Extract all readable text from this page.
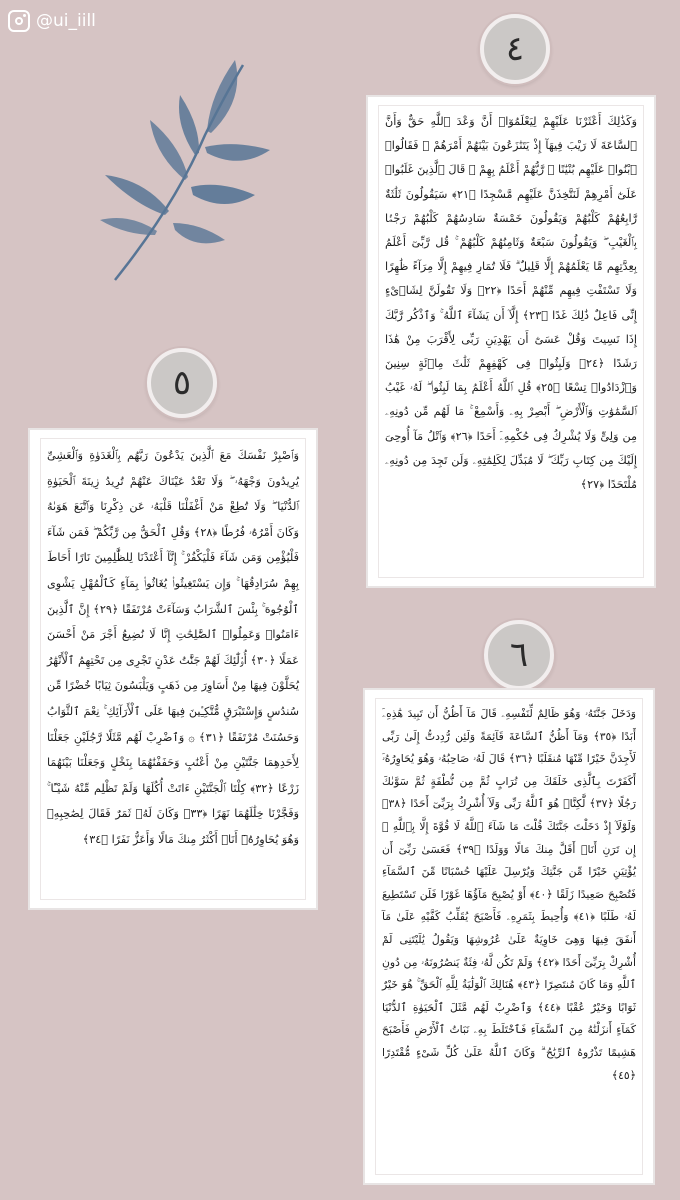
@ui_iill
٤
٥
٦

وَكَذَٰلِكَ أَعْثَرْنَا عَلَيْهِمْ لِيَعْلَمُوٓا۟ أَنَّ وَعْدَ ٱللَّهِ حَقٌّ وَأَنَّ ٱلسَّاعَةَ لَا رَيْبَ فِيهَآ إِذْ يَتَنَٰزَعُونَ بَيْنَهُمْ أَمْرَهُمْ ۖ فَقَالُوا۟ ٱبْنُوا۟ عَلَيْهِم بُنْيَٰنًا ۖ رَّبُّهُمْ أَعْلَمُ بِهِمْ ۚ قَالَ ٱلَّذِينَ غَلَبُوا۟ عَلَىٰٓ أَمْرِهِمْ لَنَتَّخِذَنَّ عَلَيْهِم مَّسْجِدًا ﴿٢١﴾ سَيَقُولُونَ ثَلَٰثَةٌ رَّابِعُهُمْ كَلْبُهُمْ وَيَقُولُونَ خَمْسَةٌ سَادِسُهُمْ كَلْبُهُمْ رَجْمًۢا بِٱلْغَيْبِ ۖ وَيَقُولُونَ سَبْعَةٌ وَثَامِنُهُمْ كَلْبُهُمْ ۚ قُل رَّبِّىٓ أَعْلَمُ بِعِدَّتِهِم مَّا يَعْلَمُهُمْ إِلَّا قَلِيلٌ ۗ فَلَا تُمَارِ فِيهِمْ إِلَّا مِرَآءً ظَٰهِرًا وَلَا تَسْتَفْتِ فِيهِم مِّنْهُمْ أَحَدًا ﴿٢٢﴾ وَلَا تَقُولَنَّ لِشَا۟ىْءٍ إِنِّى فَاعِلٌ ذَٰلِكَ غَدًا ﴿٢٣﴾ إِلَّآ أَن يَشَآءَ ٱللَّهُ ۚ وَٱذْكُر رَّبَّكَ إِذَا نَسِيتَ وَقُلْ عَسَىٰٓ أَن يَهْدِيَنِ رَبِّى لِأَقْرَبَ مِنْ هَٰذَا رَشَدًا ﴿٢٤﴾ وَلَبِثُوا۟ فِى كَهْفِهِمْ ثَلَٰثَ مِا۟ئَةٍ سِنِينَ وَٱزْدَادُوا۟ تِسْعًا ﴿٢٥﴾ قُلِ ٱللَّهُ أَعْلَمُ بِمَا لَبِثُوا۟ ۖ لَهُۥ غَيْبُ ٱلسَّمَٰوَٰتِ وَٱلْأَرْضِ ۖ أَبْصِرْ بِهِۦ وَأَسْمِعْ ۚ مَا لَهُم مِّن دُونِهِۦ مِن وَلِىٍّ وَلَا يُشْرِكُ فِى حُكْمِهِۦٓ أَحَدًا ﴿٢٦﴾ وَٱتْلُ مَآ أُوحِىَ إِلَيْكَ مِن كِتَابِ رَبِّكَ ۖ لَا مُبَدِّلَ لِكَلِمَٰتِهِۦ وَلَن تَجِدَ مِن دُونِهِۦ مُلْتَحَدًا ﴿٢٧﴾

وَٱصْبِرْ نَفْسَكَ مَعَ ٱلَّذِينَ يَدْعُونَ رَبَّهُم بِٱلْغَدَوٰةِ وَٱلْعَشِىِّ يُرِيدُونَ وَجْهَهُۥ ۖ وَلَا تَعْدُ عَيْنَاكَ عَنْهُمْ تُرِيدُ زِينَةَ ٱلْحَيَوٰةِ ٱلدُّنْيَا ۖ وَلَا تُطِعْ مَنْ أَغْفَلْنَا قَلْبَهُۥ عَن ذِكْرِنَا وَٱتَّبَعَ هَوَىٰهُ وَكَانَ أَمْرُهُۥ فُرُطًا ﴿٢٨﴾ وَقُلِ ٱلْحَقُّ مِن رَّبِّكُمْ ۖ فَمَن شَآءَ فَلْيُؤْمِن وَمَن شَآءَ فَلْيَكْفُرْ ۚ إِنَّآ أَعْتَدْنَا لِلظَّٰلِمِينَ نَارًا أَحَاطَ بِهِمْ سُرَادِقُهَا ۚ وَإِن يَسْتَغِيثُوا۟ يُغَاثُوا۟ بِمَآءٍ كَٱلْمُهْلِ يَشْوِى ٱلْوُجُوهَ ۚ بِئْسَ ٱلشَّرَابُ وَسَآءَتْ مُرْتَفَقًا ﴿٢٩﴾ إِنَّ ٱلَّذِينَ ءَامَنُوا۟ وَعَمِلُوا۟ ٱلصَّٰلِحَٰتِ إِنَّا لَا نُضِيعُ أَجْرَ مَنْ أَحْسَنَ عَمَلًا ﴿٣٠﴾ أُو۟لَٰٓئِكَ لَهُمْ جَنَّٰتُ عَدْنٍ تَجْرِى مِن تَحْتِهِمُ ٱلْأَنْهَٰرُ يُحَلَّوْنَ فِيهَا مِنْ أَسَاوِرَ مِن ذَهَبٍ وَيَلْبَسُونَ ثِيَابًا خُضْرًا مِّن سُندُسٍ وَإِسْتَبْرَقٍ مُّتَّكِـِٔينَ فِيهَا عَلَى ٱلْأَرَآئِكِ ۚ نِعْمَ ٱلثَّوَابُ وَحَسُنَتْ مُرْتَفَقًا ﴿٣١﴾ ۞ وَٱضْرِبْ لَهُم مَّثَلًا رَّجُلَيْنِ جَعَلْنَا لِأَحَدِهِمَا جَنَّتَيْنِ مِنْ أَعْنَٰبٍ وَحَفَفْنَٰهُمَا بِنَخْلٍ وَجَعَلْنَا بَيْنَهُمَا زَرْعًا ﴿٣٢﴾ كِلْتَا ٱلْجَنَّتَيْنِ ءَاتَتْ أُكُلَهَا وَلَمْ تَظْلِم مِّنْهُ شَيْـًٔا ۚ وَفَجَّرْنَا خِلَٰلَهُمَا نَهَرًا ﴿٣٣﴾ وَكَانَ لَهُۥ ثَمَرٌ فَقَالَ لِصَٰحِبِهِۦ وَهُوَ يُحَاوِرُهُۥٓ أَنَا۠ أَكْثَرُ مِنكَ مَالًا وَأَعَزُّ نَفَرًا ﴿٣٤﴾

وَدَخَلَ جَنَّتَهُۥ وَهُوَ ظَالِمٌ لِّنَفْسِهِۦ قَالَ مَآ أَظُنُّ أَن تَبِيدَ هَٰذِهِۦٓ أَبَدًا ﴿٣٥﴾ وَمَآ أَظُنُّ ٱلسَّاعَةَ قَآئِمَةً وَلَئِن رُّدِدتُّ إِلَىٰ رَبِّى لَأَجِدَنَّ خَيْرًا مِّنْهَا مُنقَلَبًا ﴿٣٦﴾ قَالَ لَهُۥ صَاحِبُهُۥ وَهُوَ يُحَاوِرُهُۥٓ أَكَفَرْتَ بِٱلَّذِى خَلَقَكَ مِن تُرَابٍ ثُمَّ مِن نُّطْفَةٍ ثُمَّ سَوَّىٰكَ رَجُلًا ﴿٣٧﴾ لَّٰكِنَّا۠ هُوَ ٱللَّهُ رَبِّى وَلَآ أُشْرِكُ بِرَبِّىٓ أَحَدًا ﴿٣٨﴾ وَلَوْلَآ إِذْ دَخَلْتَ جَنَّتَكَ قُلْتَ مَا شَآءَ ٱللَّهُ لَا قُوَّةَ إِلَّا بِٱللَّهِ ۚ إِن تَرَنِ أَنَا۠ أَقَلَّ مِنكَ مَالًا وَوَلَدًا ﴿٣٩﴾ فَعَسَىٰ رَبِّىٓ أَن يُؤْتِيَنِ خَيْرًا مِّن جَنَّتِكَ وَيُرْسِلَ عَلَيْهَا حُسْبَانًا مِّنَ ٱلسَّمَآءِ فَتُصْبِحَ صَعِيدًا زَلَقًا ﴿٤٠﴾ أَوْ يُصْبِحَ مَآؤُهَا غَوْرًا فَلَن تَسْتَطِيعَ لَهُۥ طَلَبًا ﴿٤١﴾ وَأُحِيطَ بِثَمَرِهِۦ فَأَصْبَحَ يُقَلِّبُ كَفَّيْهِ عَلَىٰ مَآ أَنفَقَ فِيهَا وَهِىَ خَاوِيَةٌ عَلَىٰ عُرُوشِهَا وَيَقُولُ يَٰلَيْتَنِى لَمْ أُشْرِكْ بِرَبِّىٓ أَحَدًا ﴿٤٢﴾ وَلَمْ تَكُن لَّهُۥ فِئَةٌ يَنصُرُونَهُۥ مِن دُونِ ٱللَّهِ وَمَا كَانَ مُنتَصِرًا ﴿٤٣﴾ هُنَالِكَ ٱلْوَلَٰيَةُ لِلَّهِ ٱلْحَقِّ ۚ هُوَ خَيْرٌ ثَوَابًا وَخَيْرٌ عُقْبًا ﴿٤٤﴾ وَٱضْرِبْ لَهُم مَّثَلَ ٱلْحَيَوٰةِ ٱلدُّنْيَا كَمَآءٍ أَنزَلْنَٰهُ مِنَ ٱلسَّمَآءِ فَٱخْتَلَطَ بِهِۦ نَبَاتُ ٱلْأَرْضِ فَأَصْبَحَ هَشِيمًا تَذْرُوهُ ٱلرِّيَٰحُ ۗ وَكَانَ ٱللَّهُ عَلَىٰ كُلِّ شَىْءٍ مُّقْتَدِرًا ﴿٤٥﴾
